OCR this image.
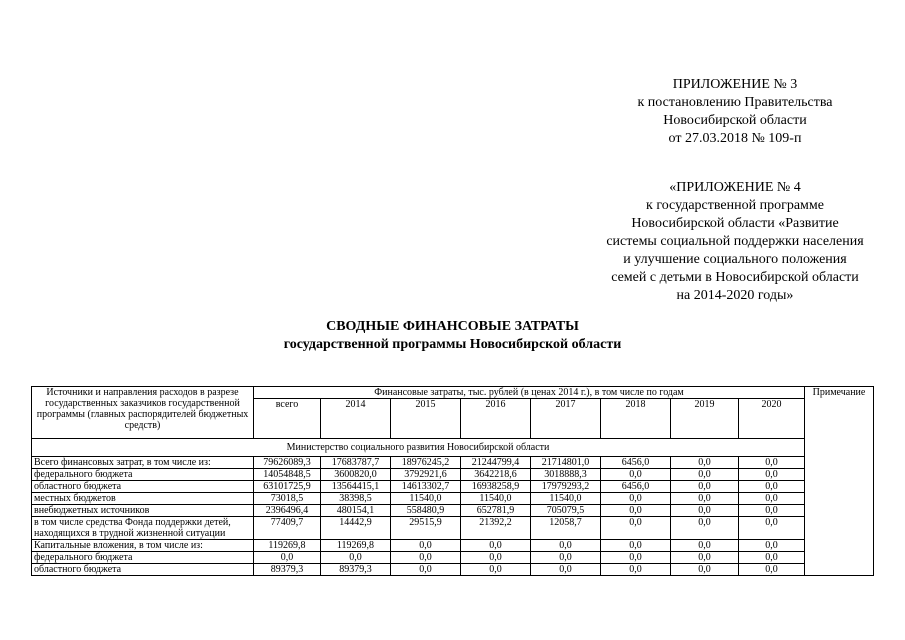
ПРИЛОЖЕНИЕ № 3
к постановлению Правительства
Новосибирской области
от 27.03.2018 № 109-п
«ПРИЛОЖЕНИЕ № 4
к государственной программе
Новосибирской области «Развитие
системы социальной поддержки населения
и улучшение социального положения
семей с детьми в Новосибирской области
на 2014-2020 годы»
СВОДНЫЕ ФИНАНСОВЫЕ ЗАТРАТЫ
государственной программы Новосибирской области
Источники и направления расходов в разрезе государственных заказчиков государственной программы (главных распорядителей бюджетных средств)	Финансовые затраты, тыс. рублей (в ценах 2014 г.), в том числе по годам								Примечание
	всего	2014	2015	2016	2017	2018	2019	2020	
Министерство социального развития Новосибирской области									
Всего финансовых затрат, в том числе из:	79626089,3	17683787,7	18976245,2	21244799,4	21714801,0	6456,0	0,0	0,0	
федерального бюджета	14054848,5	3600820,0	3792921,6	3642218,6	3018888,3	0,0	0,0	0,0	
областного бюджета	63101725,9	13564415,1	14613302,7	16938258,9	17979293,2	6456,0	0,0	0,0	
местных бюджетов	73018,5	38398,5	11540,0	11540,0	11540,0	0,0	0,0	0,0	
внебюджетных источников	2396496,4	480154,1	558480,9	652781,9	705079,5	0,0	0,0	0,0	
в том числе средства Фонда поддержки детей, находящихся в трудной жизненной ситуации	77409,7	14442,9	29515,9	21392,2	12058,7	0,0	0,0	0,0	
Капитальные вложения, в том числе из:	119269,8	119269,8	0,0	0,0	0,0	0,0	0,0	0,0	
федерального бюджета	0,0	0,0	0,0	0,0	0,0	0,0	0,0	0,0	
областного бюджета	89379,3	89379,3	0,0	0,0	0,0	0,0	0,0	0,0	
